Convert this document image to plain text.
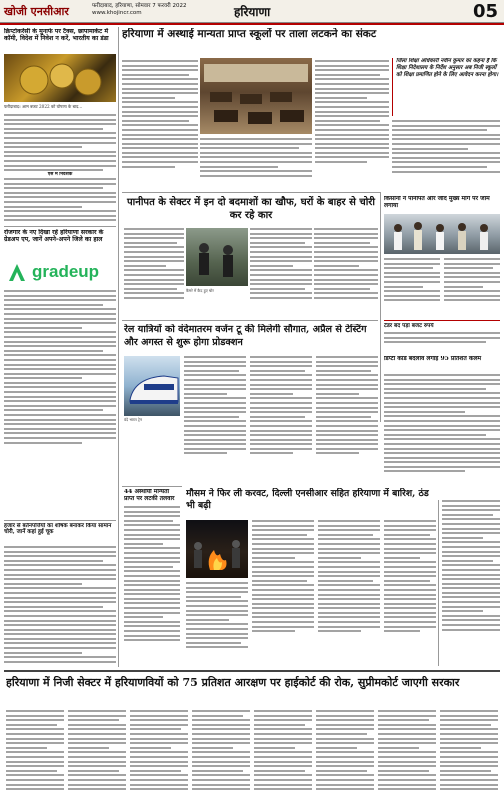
खोजी एनसीआर	फरीदाबाद, हरियाणा, सोमवार 7 फरवरी 2022
www.khojincr.com	हरियाणा	05
क्रिप्टोकरेंसी के मुनाफे पर टैक्स, छापामार्केट में कॉमी, विदेश में निवेश न करें, भारतीय का डंडा
फरीदाबाद। आम बजट 2022 को घोषणा के बाद...
ऐसे में निवेशक
रोजगार के नए दिखा रहे हरियाणा सरकार के ग्रेडअप एप, जानें अपने-अपने जिले का हाल
gradeup
हजार से बर्तनपत्तियों का शोषक बनाकर किया सामान चोरी, जानें कहां हुई चूक
हरियाणा में अस्थाई मान्यता प्राप्त स्कूलों पर ताला लटकने का संकट
जिला शिक्षा अधिकारी नवीन कुमार का कहना है कि शिक्षा निदेशालय के निर्देश अनुसार अब निजी स्कूलों को शिक्षा प्रमाणित होने के लिए आवेदन करना होगा।
पानीपत के सेक्टर में इन दो बदमाशों का खौफ, घरों के बाहर से चोरी कर रहे कार
कैमरे में कैद हुए चोर
किसानों ने पानीपत और जींद मुख्य मार्ग पर जाम लगाया
टेंडर बंद पड़ा बजट रुपये
डिप्टी कार्ड बदलाव लगाई 95 प्रतिशत कलम
रेल यात्रियों को वंदेमातरम वर्जन टू की मिलेगी सौगात, अप्रैल से टेस्टिंग और अगस्त से शुरू होगा प्रोडक्शन
वंदे भारत ट्रेन
44 अस्थायी मान्यता प्राप्त पर लटकी तलवार	मौसम ने फिर ली करवट, दिल्ली एनसीआर सहित हरियाणा में बारिश, ठंड भी बढ़ी
हरियाणा में निजी सेक्टर में हरियाणवियों को 75 प्रतिशत आरक्षण पर हाईकोर्ट की रोक, सुप्रीमकोर्ट जाएगी सरकार
